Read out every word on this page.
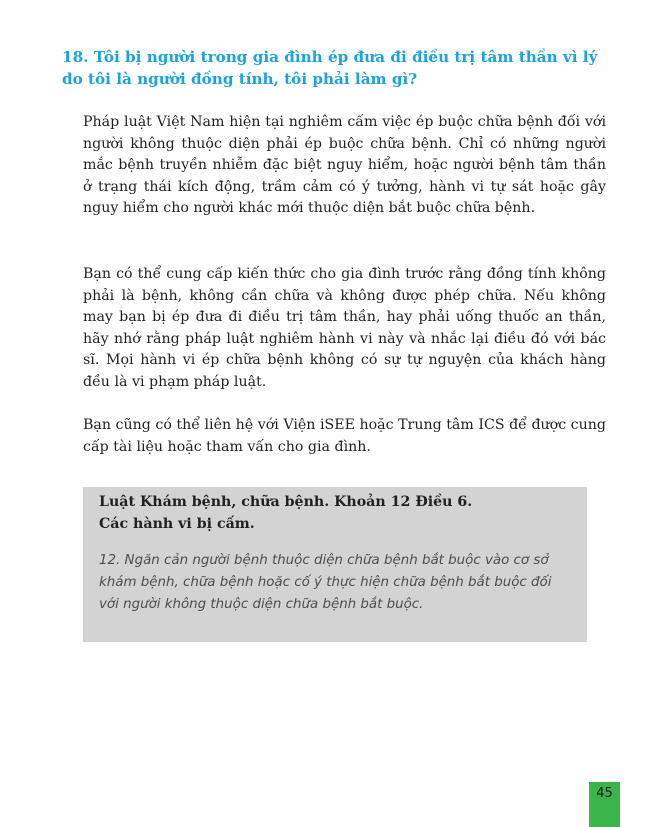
18. Tôi bị người trong gia đình ép đưa đi điều trị tâm thần vì lý do tôi là người đồng tính, tôi phải làm gì?

Pháp luật Việt Nam hiện tại nghiêm cấm việc ép buộc chữa bệnh đối với người không thuộc diện phải ép buộc chữa bệnh. Chỉ có những người mắc bệnh truyền nhiễm đặc biệt nguy hiểm, hoặc người bệnh tâm thần ở trạng thái kích động, trầm cảm có ý tưởng, hành vi tự sát hoặc gây nguy hiểm cho người khác mới thuộc diện bắt buộc chữa bệnh.

Bạn có thể cung cấp kiến thức cho gia đình trước rằng đồng tính không phải là bệnh, không cần chữa và không được phép chữa. Nếu không may bạn bị ép đưa đi điều trị tâm thần, hay phải uống thuốc an thần, hãy nhớ rằng pháp luật nghiêm hành vi này và nhắc lại điều đó với bác sĩ. Mọi hành vi ép chữa bệnh không có sự tự nguyện của khách hàng đều là vi phạm pháp luật.

Bạn cũng có thể liên hệ với Viện iSEE hoặc Trung tâm ICS để được cung cấp tài liệu hoặc tham vấn cho gia đình.

Luật Khám bệnh, chữa bệnh. Khoản 12 Điều 6.
Các hành vi bị cấm.

12. Ngăn cản người bệnh thuộc diện chữa bệnh bắt buộc vào cơ sở khám bệnh, chữa bệnh hoặc cố ý thực hiện chữa bệnh bắt buộc đối với người không thuộc diện chữa bệnh bắt buộc.

45
